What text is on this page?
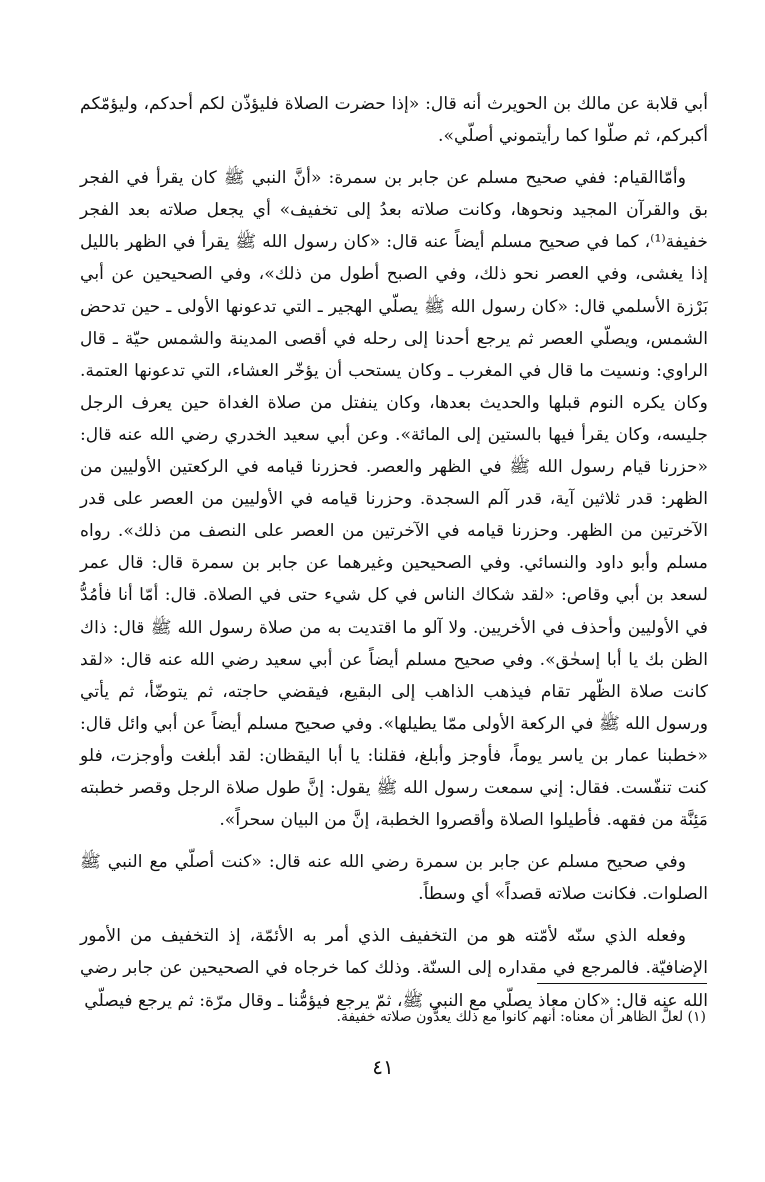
أبي قلابة عن مالك بن الحويرث أنه قال: «إذا حضرت الصلاة فليؤذّن لكم أحدكم، وليؤمّكم أكبركم، ثم صلّوا كما رأيتموني أصلّي».

وأمّاالقيام: ففي صحيح مسلم عن جابر بن سمرة: «أنَّ النبي ﷺ كان يقرأ في الفجر بق والقرآن المجيد ونحوها، وكانت صلاته بعدُ إلى تخفيف» أي يجعل صلاته بعد الفجر خفيفة⁽¹⁾، كما في صحيح مسلم أيضاً عنه قال: «كان رسول الله ﷺ يقرأ في الظهر بالليل إذا يغشى، وفي العصر نحو ذلك، وفي الصبح أطول من ذلك»، وفي الصحيحين عن أبي بَرْزة الأسلمي قال: «كان رسول الله ﷺ يصلّي الهجير ـ التي تدعونها الأولى ـ حين تدحض الشمس، ويصلّي العصر ثم يرجع أحدنا إلى رحله في أقصى المدينة والشمس حيّة ـ قال الراوي: ونسيت ما قال في المغرب ـ وكان يستحب أن يؤخّر العشاء، التي تدعونها العتمة. وكان يكره النوم قبلها والحديث بعدها، وكان ينفتل من صلاة الغداة حين يعرف الرجل جليسه، وكان يقرأ فيها بالستين إلى المائة». وعن أبي سعيد الخدري رضي الله عنه قال: «حزرنا قيام رسول الله ﷺ في الظهر والعصر. فحزرنا قيامه في الركعتين الأوليين من الظهر: قدر ثلاثين آية، قدر آلم السجدة. وحزرنا قيامه في الأوليين من العصر على قدر الآخرتين من الظهر. وحزرنا قيامه في الآخرتين من العصر على النصف من ذلك». رواه مسلم وأبو داود والنسائي. وفي الصحيحين وغيرهما عن جابر بن سمرة قال: قال عمر لسعد بن أبي وقاص: «لقد شكاك الناس في كل شيء حتى في الصلاة. قال: أمّا أنا فأمُدُّ في الأوليين وأحذف في الأخريين. ولا آلو ما اقتديت به من صلاة رسول الله ﷺ قال: ذاك الظن بك يا أبا إسحٰق». وفي صحيح مسلم أيضاً عن أبي سعيد رضي الله عنه قال: «لقد كانت صلاة الظّهر تقام فيذهب الذاهب إلى البقيع، فيقضي حاجته، ثم يتوضّأ، ثم يأتي ورسول الله ﷺ في الركعة الأولى ممّا يطيلها». وفي صحيح مسلم أيضاً عن أبي وائل قال: «خطبنا عمار بن ياسر يوماً، فأوجز وأبلغ، فقلنا: يا أبا اليقظان: لقد أبلغت وأوجزت، فلو كنت تنفّست. فقال: إني سمعت رسول الله ﷺ يقول: إنَّ طول صلاة الرجل وقصر خطبته مَئِنَّة من فقهه. فأطيلوا الصلاة وأقصروا الخطبة، إنَّ من البيان سحراً».

وفي صحيح مسلم عن جابر بن سمرة رضي الله عنه قال: «كنت أصلّي مع النبي ﷺ الصلوات. فكانت صلاته قصداً» أي وسطاً.

وفعله الذي سنّه لأمّته هو من التخفيف الذي أمر به الأئمّة، إذ التخفيف من الأمور الإضافيّة. فالمرجع في مقداره إلى السنّة. وذلك كما خرجاه في الصحيحين عن جابر رضي الله عنه قال: «كان معاذ يصلّي مع النبي ﷺ، ثمّ يرجع فيؤمُّنا ـ وقال مرّة: ثم يرجع فيصلّي

(١) لعلَّ الظاهر أن معناه: أنهم كانوا مع ذلك يعدُّون صلاته خفيفة.
٤١
